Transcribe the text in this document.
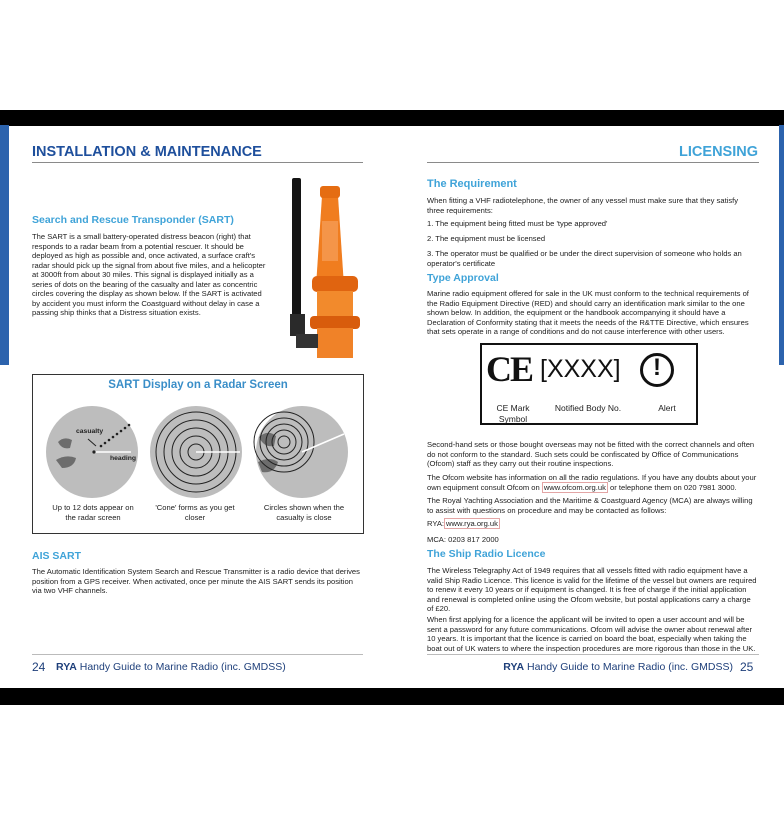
INSTALLATION & MAINTENANCE
Search and Rescue Transponder (SART)

The SART is a small battery-operated distress beacon (right) that responds to a radar beam from a potential rescuer. It should be deployed as high as possible and, once activated, a surface craft's radar should pick up the signal from about five miles, and a helicopter at 3000ft from about 30 miles. This signal is displayed initially as a series of dots on the bearing of the casualty and later as concentric circles covering the display as shown below. If the SART is activated by accident you must inform the Coastguard without delay in case a passing ship thinks that a Distress situation exists.

SART Display on a Radar Screen
casualty
heading
Up to 12 dots appear on the radar screen
'Cone' forms as you get closer
Circles shown when the casualty is close
AIS SART

The Automatic Identification System Search and Rescue Transmitter is a radio device that derives position from a GPS receiver. When activated, once per minute the AIS SART sends its position via two VHF channels.

24 RYA Handy Guide to Marine Radio (inc. GMDSS)
LICENSING
The Requirement

When fitting a VHF radiotelephone, the owner of any vessel must make sure that they satisfy three requirements:

1. The equipment being fitted must be 'type approved'

2. The equipment must be licensed

3. The operator must be qualified or be under the direct supervision of someone who holds an operator's certificate

Type Approval

Marine radio equipment offered for sale in the UK must conform to the technical requirements of the Radio Equipment Directive (RED) and should carry an identification mark similar to the one shown below. In addition, the equipment or the handbook accompanying it should have a Declaration of Conformity stating that it meets the needs of the R&TTE Directive, which ensures that sets operate in a range of conditions and do not cause interference with other users.

CE [XXXX]	!
CE Mark Symbol
Notified Body No.	Alert

Second-hand sets or those bought overseas may not be fitted with the correct channels and often do not conform to the standard. Such sets could be confiscated by Office of Communications (Ofcom) staff as they carry out their routine inspections.

The Ofcom website has information on all the radio regulations. If you have any doubts about your own equipment consult Ofcom on www.ofcom.org.uk or telephone them on 020 7981 3000.

The Royal Yachting Association and the Maritime & Coastguard Agency (MCA) are always willing to assist with questions on procedure and may be contacted as follows:

RYA: www.rya.org.uk

MCA: 0203 817 2000

The Ship Radio Licence

The Wireless Telegraphy Act of 1949 requires that all vessels fitted with radio equipment have a valid Ship Radio Licence. This licence is valid for the lifetime of the vessel but owners are required to renew it every 10 years or if equipment is changed. It is free of charge if the initial application and renewal is completed online using the Ofcom website, but postal applications carry a charge of £20.

When first applying for a licence the applicant will be invited to open a user account and will be sent a password for any future communications. Ofcom will advise the owner about renewal after 10 years. It is important that the licence is carried on board the boat, especially when taking the boat out of UK waters to where the inspection procedures are more rigorous than those in the UK.

RYA Handy Guide to Marine Radio (inc. GMDSS) 25
